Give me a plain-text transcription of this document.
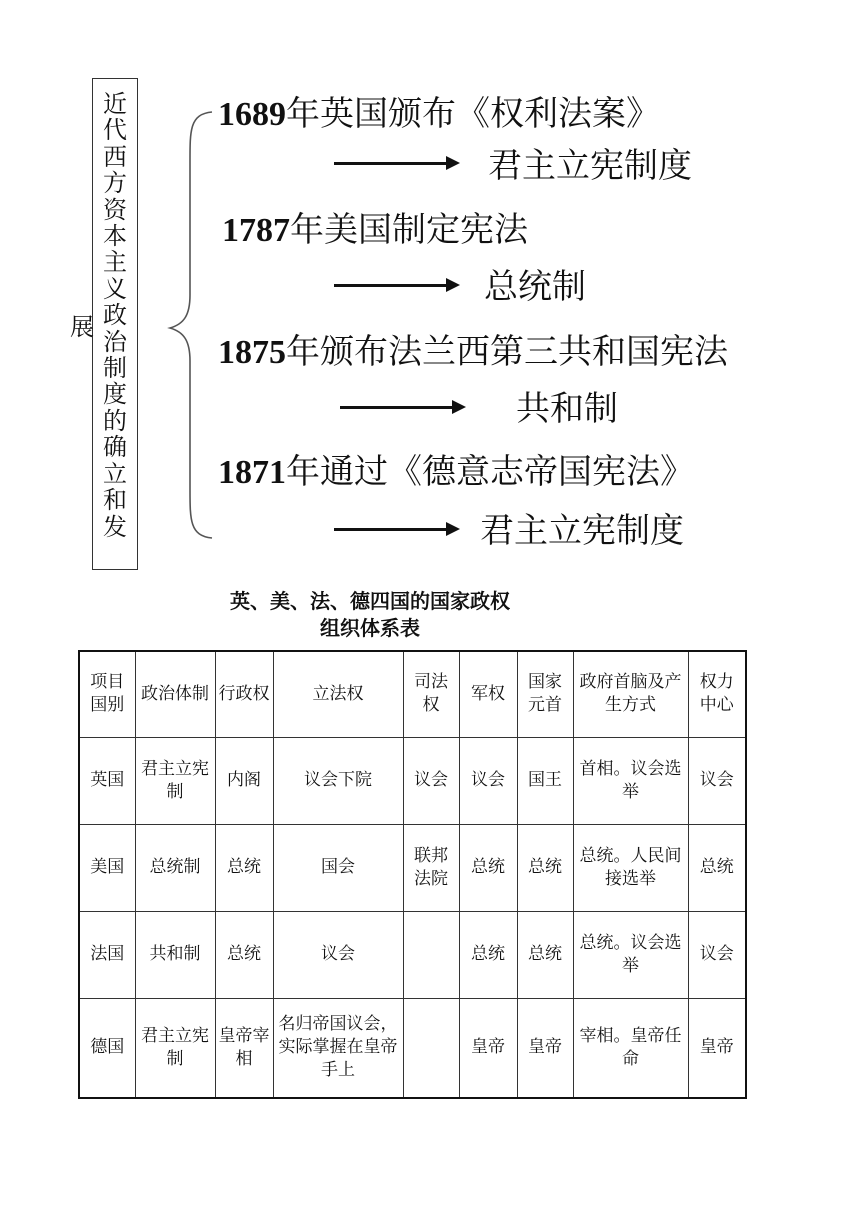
近代西方资本主义政治制度的确立和发
展
1689年英国颁布《权利法案》
君主立宪制度
1787年美国制定宪法
总统制
1875年颁布法兰西第三共和国宪法
共和制
1871年通过《德意志帝国宪法》
君主立宪制度
英、美、法、德四国的国家政权
组织体系表
项目国别	政治体制	行政权	立法权	司法权	军权	国家元首	政府首脑及产生方式	权力中心
英国	君主立宪制	内阁	议会下院	议会	议会	国王	首相。议会选举	议会
美国	总统制	总统	国会	联邦法院	总统	总统	总统。人民间接选举	总统
法国	共和制	总统	议会		总统	总统	总统。议会选举	议会
德国	君主立宪制	皇帝宰相	名归帝国议会，实际掌握在皇帝手上		皇帝	皇帝	宰相。皇帝任命	皇帝
